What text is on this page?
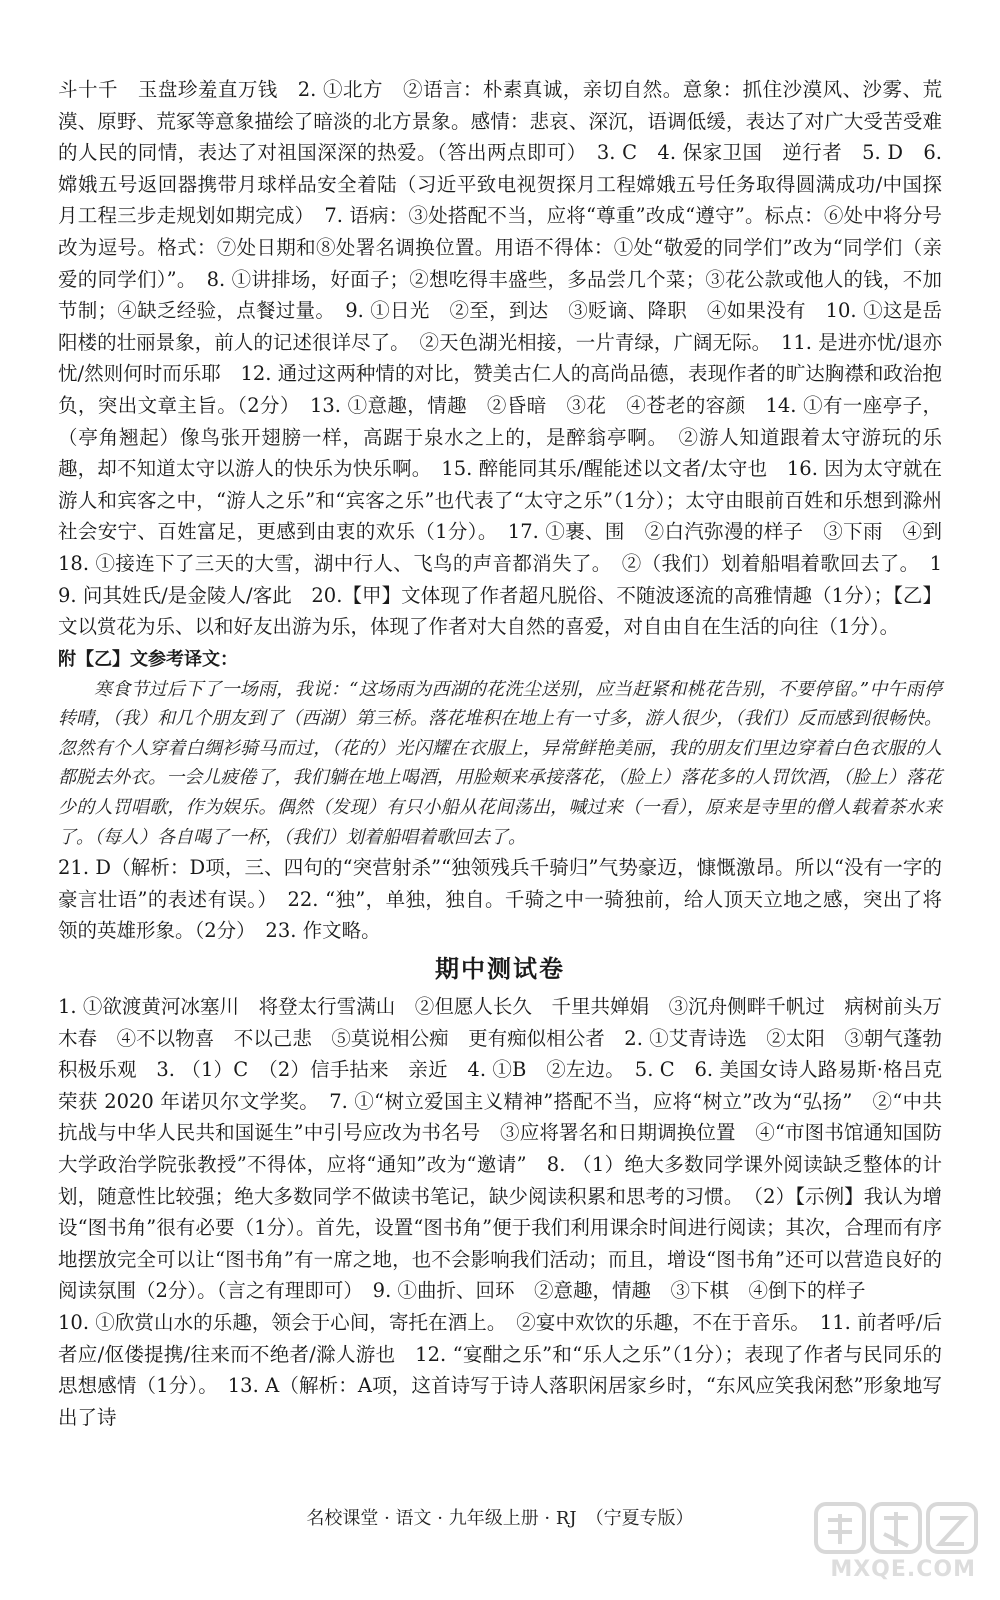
斗十千　玉盘珍羞直万钱　2. ①北方　②语言：朴素真诚，亲切自然。意象：抓住沙漠风、沙雾、荒漠、原野、荒冢等意象描绘了暗淡的北方景象。感情：悲哀、深沉，语调低缓，表达了对广大受苦受难的人民的同情，表达了对祖国深深的热爱。（答出两点即可）　3. C　4. 保家卫国　逆行者　5. D　6. 嫦娥五号返回器携带月球样品安全着陆（习近平致电视贺探月工程嫦娥五号任务取得圆满成功/中国探月工程三步走规划如期完成）　7. 语病：③处搭配不当，应将“尊重”改成“遵守”。标点：⑥处中将分号改为逗号。格式：⑦处日期和⑧处署名调换位置。用语不得体：①处“敬爱的同学们”改为“同学们（亲爱的同学们）”。　8. ①讲排场，好面子；②想吃得丰盛些，多品尝几个菜；③花公款或他人的钱，不加节制；④缺乏经验，点餐过量。　9. ①日光　②至，到达　③贬谪、降职　④如果没有　10. ①这是岳阳楼的壮丽景象，前人的记述很详尽了。　②天色湖光相接，一片青绿，广阔无际。　11. 是进亦忧/退亦忧/然则何时而乐耶　12. 通过这两种情的对比，赞美古仁人的高尚品德，表现作者的旷达胸襟和政治抱负，突出文章主旨。（2分）　13. ①意趣，情趣　②昏暗　③花　④苍老的容颜　14. ①有一座亭子，（亭角翘起）像鸟张开翅膀一样，高踞于泉水之上的，是醉翁亭啊。　②游人知道跟着太守游玩的乐趣，却不知道太守以游人的快乐为快乐啊。　15. 醉能同其乐/醒能述以文者/太守也　16. 因为太守就在游人和宾客之中，“游人之乐”和“宾客之乐”也代表了“太守之乐”（1分）；太守由眼前百姓和乐想到滁州社会安宁、百姓富足，更感到由衷的欢乐（1分）。　17. ①裹、围　②白汽弥漫的样子　③下雨　④到　18. ①接连下了三天的大雪，湖中行人、飞鸟的声音都消失了。　②（我们）划着船唱着歌回去了。　19. 问其姓氏/是金陵人/客此　20.【甲】文体现了作者超凡脱俗、不随波逐流的高雅情趣（1分）；【乙】文以赏花为乐、以和好友出游为乐，体现了作者对大自然的喜爱，对自由自在生活的向往（1分）。

附【乙】文参考译文：

寒食节过后下了一场雨，我说：“这场雨为西湖的花洗尘送别，应当赶紧和桃花告别，不要停留。”中午雨停转晴，（我）和几个朋友到了（西湖）第三桥。落花堆积在地上有一寸多，游人很少，（我们）反而感到很畅快。忽然有个人穿着白绸衫骑马而过，（花的）光闪耀在衣服上，异常鲜艳美丽，我的朋友们里边穿着白色衣服的人都脱去外衣。一会儿疲倦了，我们躺在地上喝酒，用脸颊来承接落花，（脸上）落花多的人罚饮酒，（脸上）落花少的人罚唱歌，作为娱乐。偶然（发现）有只小船从花间荡出，喊过来（一看），原来是寺里的僧人载着茶水来了。（每人）各自喝了一杯，（我们）划着船唱着歌回去了。

21. D（解析：D项，三、四句的“突营射杀”“独领残兵千骑归”气势豪迈，慷慨激昂。所以“没有一字的豪言壮语”的表述有误。）　22. “独”，单独，独自。千骑之中一骑独前，给人顶天立地之感，突出了将领的英雄形象。（2分）　23. 作文略。

期中测试卷

1. ①欲渡黄河冰塞川　将登太行雪满山　②但愿人长久　千里共婵娟　③沉舟侧畔千帆过　病树前头万木春　④不以物喜　不以己悲　⑤莫说相公痴　更有痴似相公者　2. ①艾青诗选　②太阳　③朝气蓬勃　积极乐观　3. （1）C　（2）信手拈来　亲近　4. ①B　②左边。　5. C　6. 美国女诗人路易斯·格吕克荣获 2020 年诺贝尔文学奖。　7. ①“树立爱国主义精神”搭配不当，应将“树立”改为“弘扬”　②“中共抗战与中华人民共和国诞生”中引号应改为书名号　③应将署名和日期调换位置　④“市图书馆通知国防大学政治学院张教授”不得体，应将“通知”改为“邀请”　8. （1）绝大多数同学课外阅读缺乏整体的计划，随意性比较强；绝大多数同学不做读书笔记，缺少阅读积累和思考的习惯。　（2）【示例】我认为增设“图书角”很有必要（1分）。首先，设置“图书角”便于我们利用课余时间进行阅读；其次，合理而有序地摆放完全可以让“图书角”有一席之地，也不会影响我们活动；而且，增设“图书角”还可以营造良好的阅读氛围（2分）。（言之有理即可）　9. ①曲折、回环　②意趣，情趣　③下棋　④倒下的样子

10. ①欣赏山水的乐趣，领会于心间，寄托在酒上。　②宴中欢饮的乐趣，不在于音乐。　11. 前者呼/后者应/伛偻提携/往来而不绝者/滁人游也　12. “宴酣之乐”和“乐人之乐”（1分）；表现了作者与民同乐的思想感情（1分）。　13. A（解析：A项，这首诗写于诗人落职闲居家乡时，“东风应笑我闲愁”形象地写出了诗

名校课堂 · 语文 · 九年级上册 · RJ　（宁夏专版）
MXQE.COM
